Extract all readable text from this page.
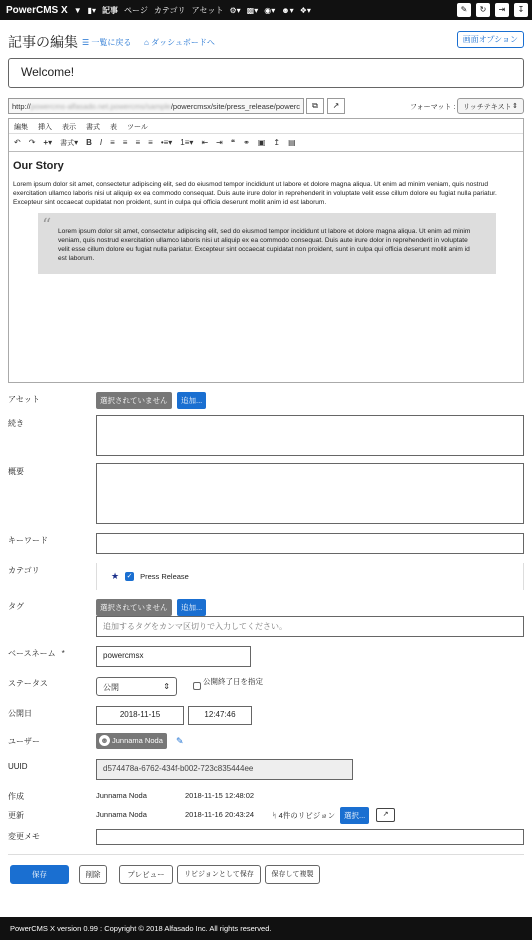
PowerCMS X ▼ ▮▾ 記事 ページ カテゴリ アセット ⚙▾ ▩▾ ◉▾ ☻▾ ❖▾	✎	↻	⇥	↧
記事の編集 ☰ 一覧に戻る ⌂ ダッシュボードへ	画面オプション
Welcome!
http://powercms-alfasado.net.powercms/sample/powercmsx/site/press_release/powerc	⧉	↗	フォーマット :	リッチテキスト ⇕
編集 挿入 表示 書式 表 ツール
↶ ↷ +▾ 書式▾ B I ≡ ≡ ≡ ≡ •≡▾ 1≡▾ ⇤ ⇥ ❝ ⚭ ▣ ↥ ▤
Our Story

Lorem ipsum dolor sit amet, consectetur adipiscing elit, sed do eiusmod tempor incididunt ut labore et dolore magna aliqua. Ut enim ad minim veniam, quis nostrud exercitation ullamco laboris nisi ut aliquip ex ea commodo consequat. Duis aute irure dolor in reprehenderit in voluptate velit esse cillum dolore eu fugiat nulla pariatur. Excepteur sint occaecat cupidatat non proident, sunt in culpa qui officia deserunt mollit anim id est laborum.

“ Lorem ipsum dolor sit amet, consectetur adipiscing elit, sed do eiusmod tempor incididunt ut labore et dolore magna aliqua. Ut enim ad minim veniam, quis nostrud exercitation ullamco laboris nisi ut aliquip ex ea commodo consequat. Duis aute irure dolor in reprehenderit in voluptate velit esse cillum dolore eu fugiat nulla pariatur. Excepteur sint occaecat cupidatat non proident, sunt in culpa qui officia deserunt mollit anim id est laborum.

アセット	選択されていません	追加...
続き
概要
キーワード
カテゴリ
★ ✓ Press Release
タグ	選択されていません	追加...
追加するタグをカンマ区切りで入力してください。
ベースネーム *	powercmsx
ステータス	公開	⇕
公開終了日を指定
公開日	2018-11-15	12:47:46
ユーザー	☻ Junnama Noda	✎
UUID	d574478a-6762-434f-b002-723c835444ee
作成	Junnama Noda	2018-11-15 12:48:02
更新	Junnama Noda	2018-11-16 20:43:24 ᛋ 4件のリビジョン	選択...	↗
変更メモ
保存	削除	プレビュー	リビジョンとして保存	保存して複製
PowerCMS X version 0.99 : Copyright © 2018 Alfasado Inc. All rights reserved.
